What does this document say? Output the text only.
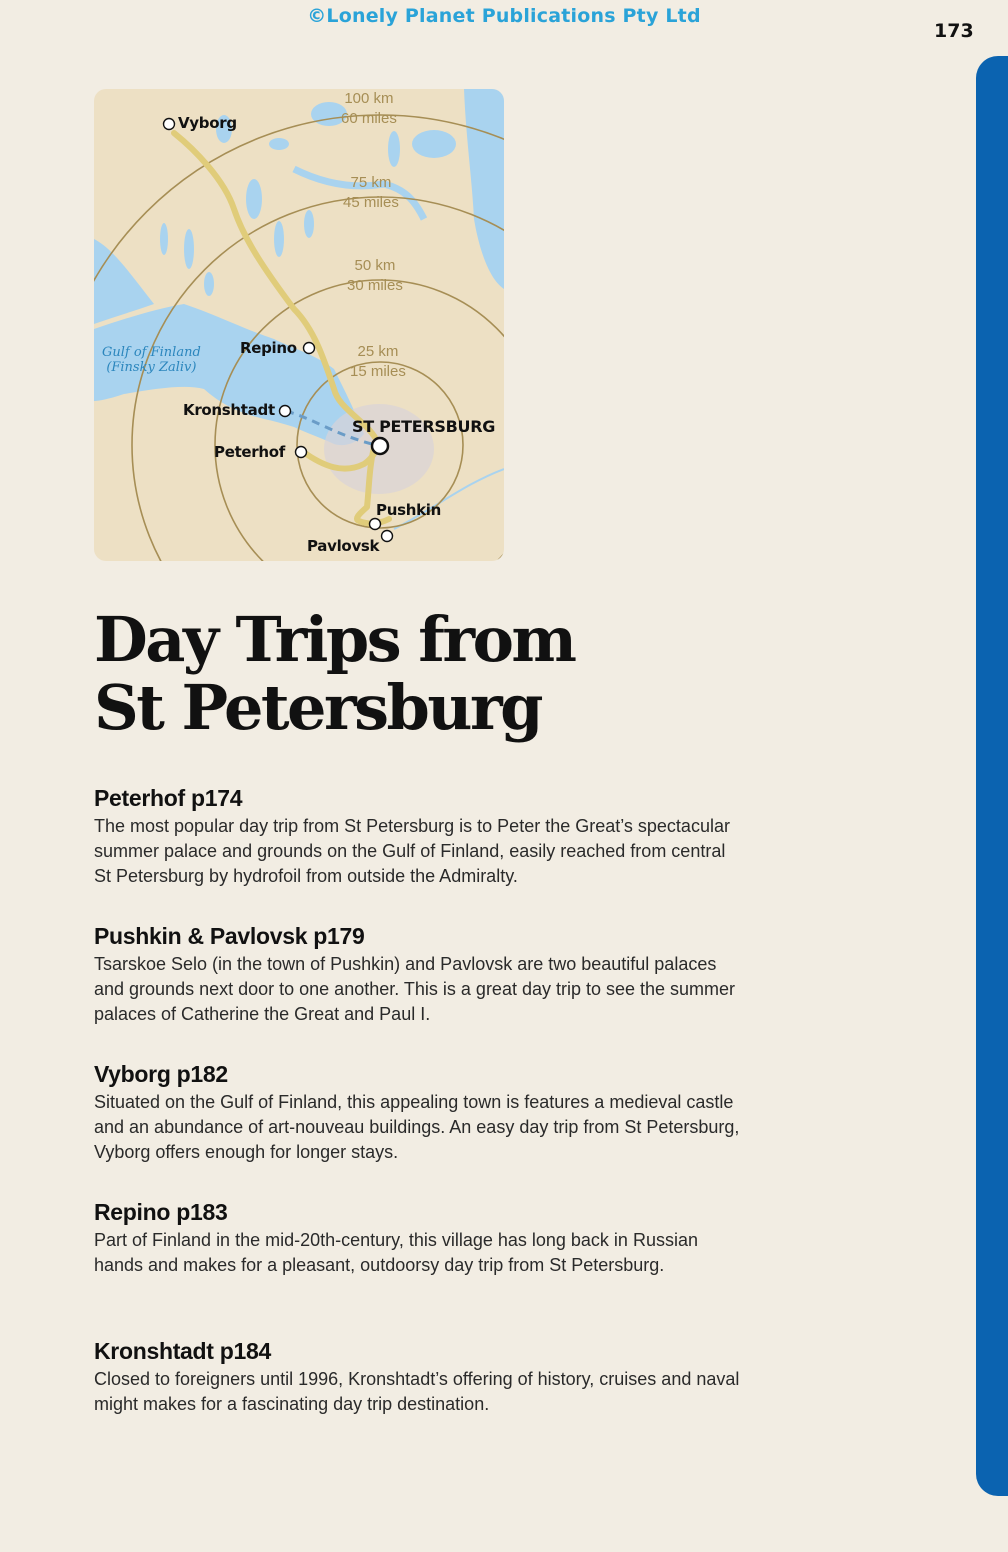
©Lonely Planet Publications Pty Ltd
173
100 km
60 miles
75 km
45 miles
50 km
30 miles
25 km
15 miles
Gulf of Finland
(Finsky Zaliv)
Vyborg
Repino
Kronshtadt
ST PETERSBURG
Peterhof
Pushkin
Pavlovsk
Day Trips from
St Petersburg
Peterhof p174

The most popular day trip from St Petersburg is to Peter the Great’s spectacular summer palace and grounds on the Gulf of Finland, easily reached from central St Petersburg by hydrofoil from outside the Admiralty.

Pushkin & Pavlovsk p179

Tsarskoe Selo (in the town of Pushkin) and Pavlovsk are two beautiful palaces and grounds next door to one another. This is a great day trip to see the summer palaces of Catherine the Great and Paul I.

Vyborg p182

Situated on the Gulf of Finland, this appealing town is features a medieval castle and an abundance of art-nouveau buildings. An easy day trip from St Petersburg, Vyborg offers enough for longer stays.

Repino p183

Part of Finland in the mid-20th-century, this village has long back in Russian hands and makes for a pleasant, outdoorsy day trip from St Petersburg.

Kronshtadt p184

Closed to foreigners until 1996, Kronshtadt’s offering of history, cruises and naval might makes for a fascinating day trip destination.
